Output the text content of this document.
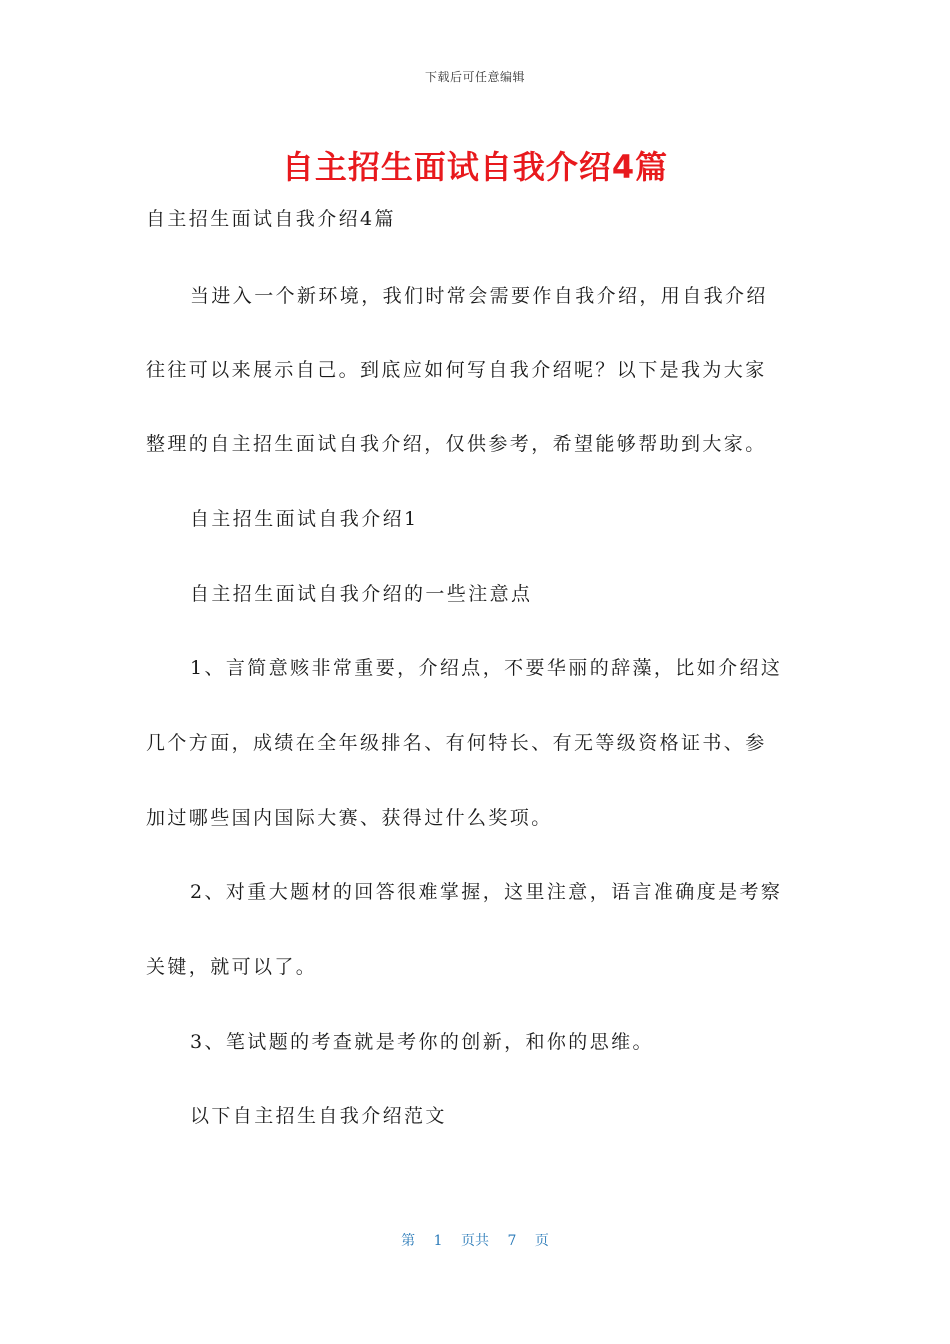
下载后可任意编辑
自主招生面试自我介绍4篇
自主招生面试自我介绍4篇
当进入一个新环境，我们时常会需要作自我介绍，用自我介绍
往往可以来展示自己。到底应如何写自我介绍呢？以下是我为大家
整理的自主招生面试自我介绍，仅供参考，希望能够帮助到大家。
自主招生面试自我介绍1
自主招生面试自我介绍的一些注意点
1、言简意赅非常重要，介绍点，不要华丽的辞藻，比如介绍这
几个方面，成绩在全年级排名、有何特长、有无等级资格证书、参
加过哪些国内国际大赛、获得过什么奖项。
2、对重大题材的回答很难掌握，这里注意，语言准确度是考察
关键，就可以了。
3、笔试题的考查就是考你的创新，和你的思维。
以下自主招生自我介绍范文
第 1 页共 7 页
